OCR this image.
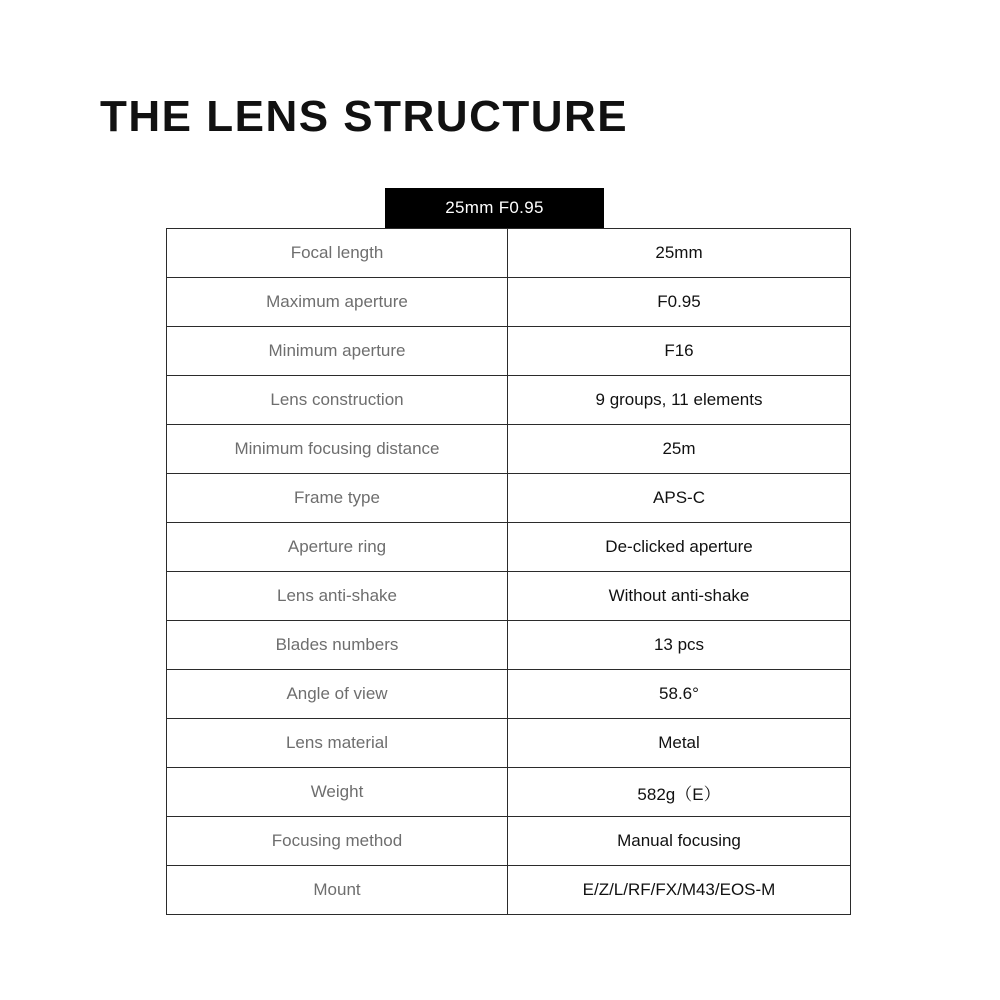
THE LENS STRUCTURE
25mm F0.95
Focal length	25mm
Maximum aperture	F0.95
Minimum aperture	F16
Lens construction	9 groups, 11 elements
Minimum focusing distance	25m
Frame type	APS-C
Aperture ring	De-clicked aperture
Lens anti-shake	Without anti-shake
Blades numbers	13 pcs
Angle of view	58.6°
Lens material	Metal
Weight	582g（E）
Focusing method	Manual focusing
Mount	E/Z/L/RF/FX/M43/EOS-M
